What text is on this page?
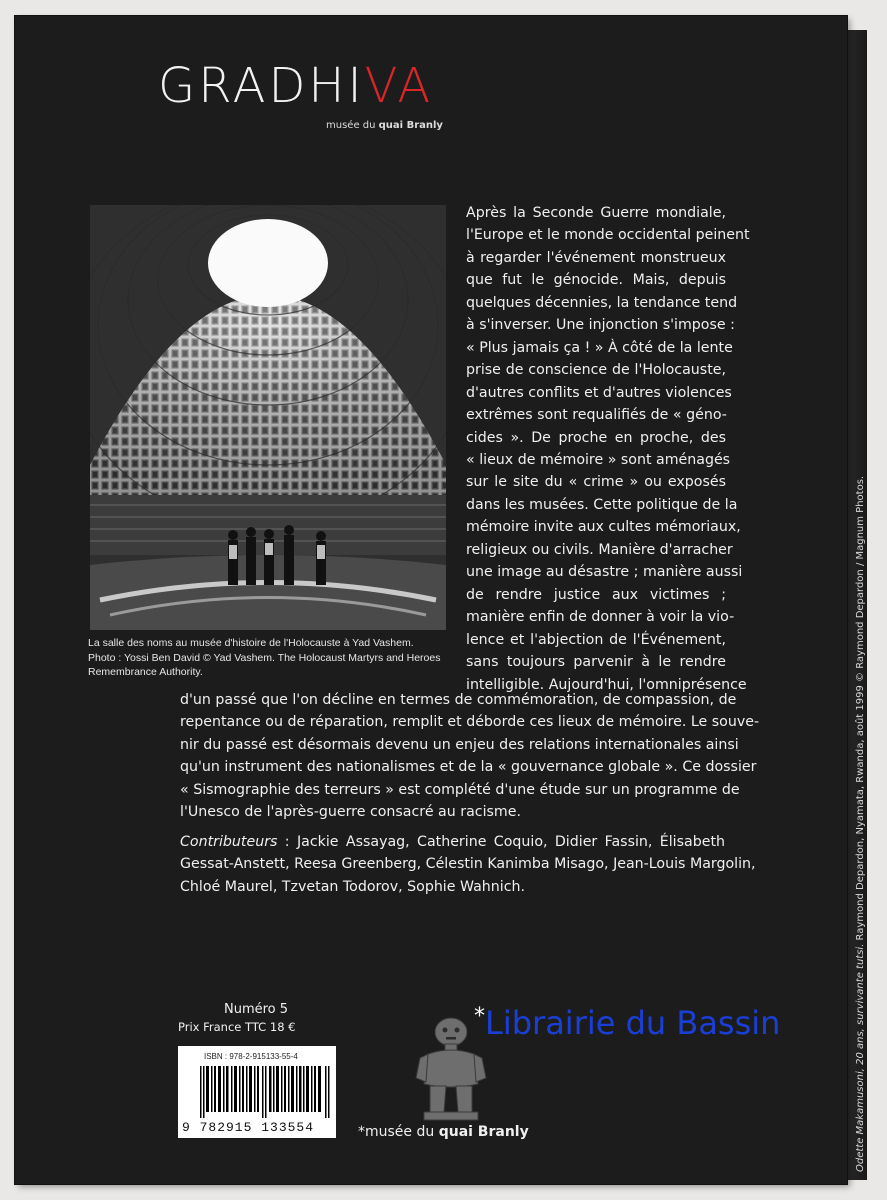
GRADHIVA
musée du quai Branly
La salle des noms au musée d'histoire de l'Holocauste à Yad Vashem.
Photo : Yossi Ben David © Yad Vashem. The Holocaust Martyrs and Heroes
Remembrance Authority.
Après la Seconde Guerre mondiale,
l'Europe et le monde occidental peinent
à regarder l'événement monstrueux
que fut le génocide. Mais, depuis
quelques décennies, la tendance tend
à s'inverser. Une injonction s'impose :
« Plus jamais ça ! » À côté de la lente
prise de conscience de l'Holocauste,
d'autres conflits et d'autres violences
extrêmes sont requalifiés de « géno-
cides ». De proche en proche, des
« lieux de mémoire » sont aménagés
sur le site du « crime » ou exposés
dans les musées. Cette politique de la
mémoire invite aux cultes mémoriaux,
religieux ou civils. Manière d'arracher
une image au désastre ; manière aussi
de rendre justice aux victimes ;
manière enfin de donner à voir la vio-
lence et l'abjection de l'Événement,
sans toujours parvenir à le rendre
intelligible. Aujourd'hui, l'omniprésence
d'un passé que l'on décline en termes de commémoration, de compassion, de
repentance ou de réparation, remplit et déborde ces lieux de mémoire. Le souve-
nir du passé est désormais devenu un enjeu des relations internationales ainsi
qu'un instrument des nationalismes et de la « gouvernance globale ». Ce dossier
« Sismographie des terreurs » est complété d'une étude sur un programme de
l'Unesco de l'après-guerre consacré au racisme.
Contributeurs : Jackie Assayag, Catherine Coquio, Didier Fassin, Élisabeth
Gessat-Anstett, Reesa Greenberg, Célestin Kanimba Misago, Jean-Louis Margolin,
Chloé Maurel, Tzvetan Todorov, Sophie Wahnich.
Numéro 5
Prix France TTC 18 €
ISBN : 978-2-915133-55-4
9 782915 133554
*Librairie du Bassin
*musée du quai Branly	Odette Makamusoni, 20 ans, survivante tutsi. Raymond Depardon, Nyamata, Rwanda, août 1999 © Raymond Depardon / Magnum Photos.
